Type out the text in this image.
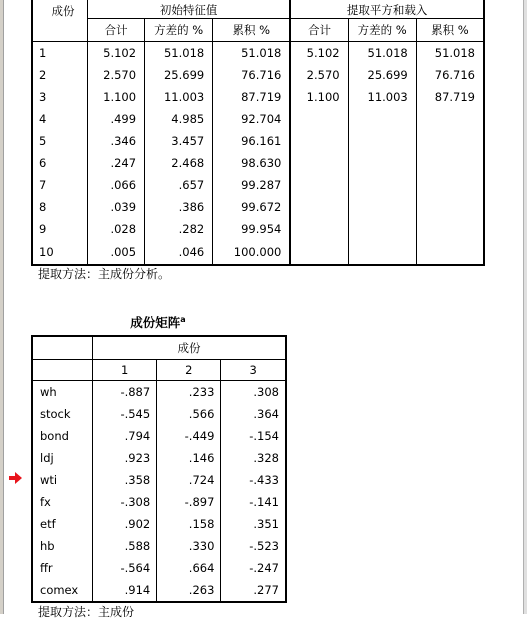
成份	初始特征值			提取平方和载入		
	合计	方差的 %	累积 %	合计	方差的 %	累积 %
1	5.102	51.018	51.018	5.102	51.018	51.018
2	2.570	25.699	76.716	2.570	25.699	76.716
3	1.100	11.003	87.719	1.100	11.003	87.719
4	.499	4.985	92.704			
5	.346	3.457	96.161			
6	.247	2.468	98.630			
7	.066	.657	99.287			
8	.039	.386	99.672			
9	.028	.282	99.954			
10	.005	.046	100.000			
提取方法：主成份分析。
成份矩阵$^a$
	成份		
	1	2	3
wh	-.887	.233	.308
stock	-.545	.566	.364
bond	.794	-.449	-.154
ldj	.923	.146	.328
wti	.358	.724	-.433
fx	-.308	-.897	-.141
etf	.902	.158	.351
hb	.588	.330	-.523
ffr	-.564	.664	-.247
comex	.914	.263	.277
提取方法：主成份
